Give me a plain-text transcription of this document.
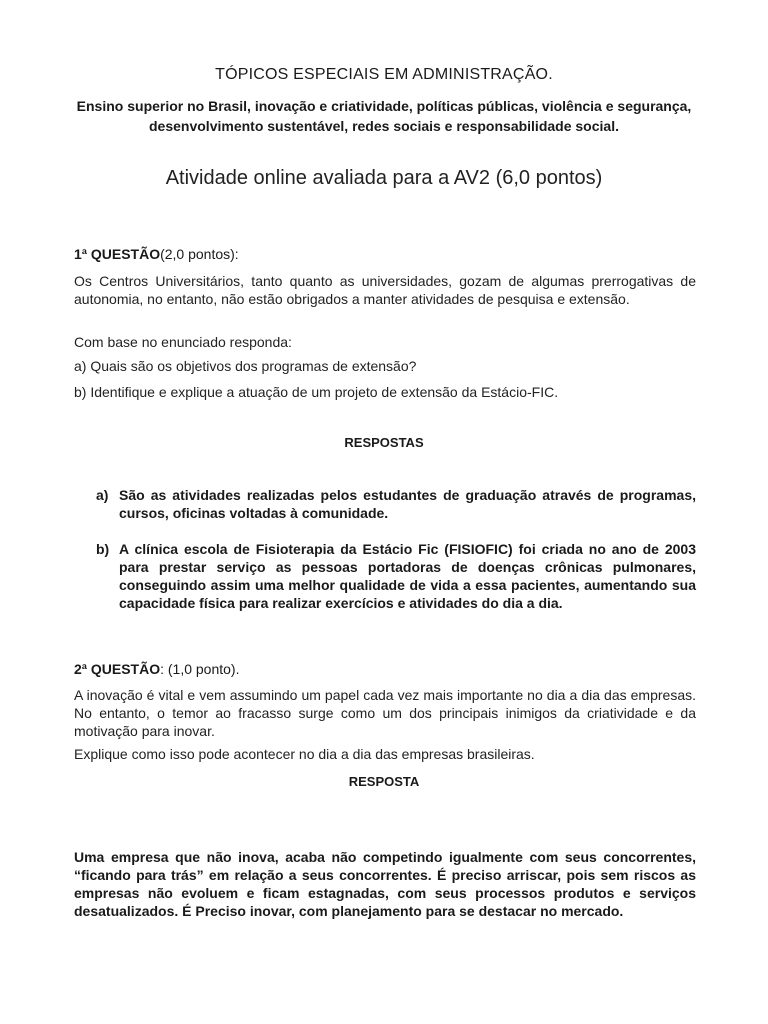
TÓPICOS ESPECIAIS EM ADMINISTRAÇÃO.
Ensino superior no Brasil, inovação e criatividade, políticas públicas, violência e segurança, desenvolvimento sustentável, redes sociais e responsabilidade social.
Atividade online avaliada para a AV2 (6,0 pontos)
1ª QUESTÃO(2,0 pontos):
Os Centros Universitários, tanto quanto as universidades, gozam de algumas prerrogativas de autonomia, no entanto, não estão obrigados a manter atividades de pesquisa e extensão.
Com base no enunciado responda:
a) Quais são os objetivos dos programas de extensão?
b) Identifique e explique a atuação de um projeto de extensão da Estácio-FIC.
RESPOSTAS
a) São as atividades realizadas pelos estudantes de graduação através de programas, cursos, oficinas voltadas à comunidade.
b) A clínica escola de Fisioterapia da Estácio Fic (FISIOFIC) foi criada no ano de 2003 para prestar serviço as pessoas portadoras de doenças crônicas pulmonares, conseguindo assim uma melhor qualidade de vida a essa pacientes, aumentando sua capacidade física para realizar exercícios e atividades do dia a dia.
2ª QUESTÃO: (1,0 ponto).
A inovação é vital e vem assumindo um papel cada vez mais importante no dia a dia das empresas. No entanto, o temor ao fracasso surge como um dos principais inimigos da criatividade e da motivação para inovar.
Explique como isso pode acontecer no dia a dia das empresas brasileiras.
RESPOSTA
Uma empresa que não inova, acaba não competindo igualmente com seus concorrentes, “ficando para trás” em relação a seus concorrentes. É preciso arriscar, pois sem riscos as empresas não evoluem e ficam estagnadas, com seus processos produtos e serviços desatualizados. É Preciso inovar, com planejamento para se destacar no mercado.
